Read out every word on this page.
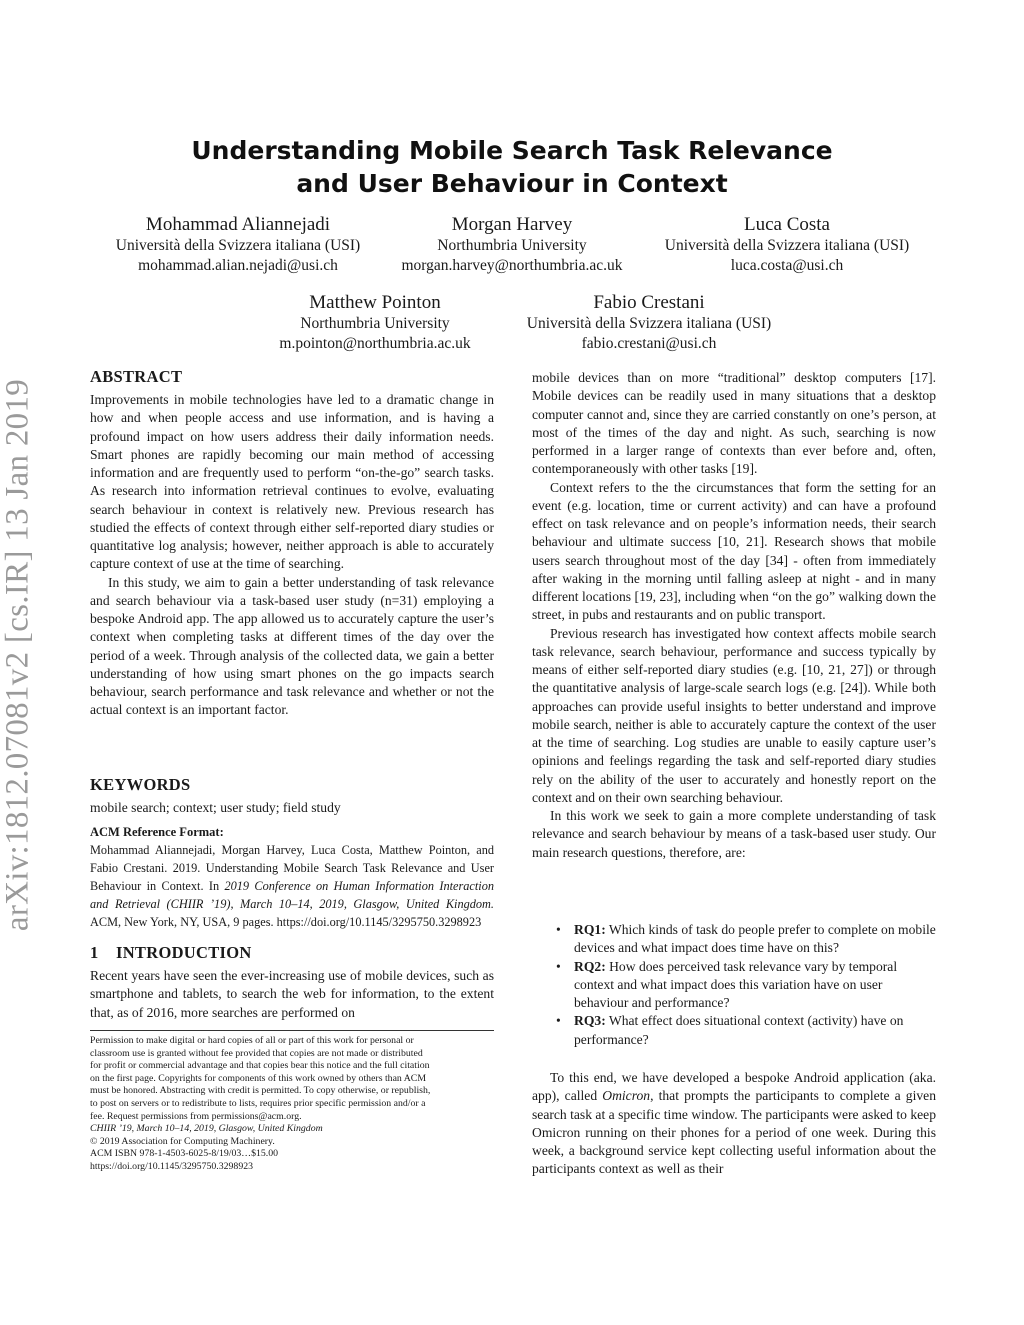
arXiv:1812.07081v2 [cs.IR] 13 Jan 2019
Understanding Mobile Search Task Relevance
and User Behaviour in Context
Mohammad Aliannejadi
Università della Svizzera italiana (USI)
mohammad.alian.nejadi@usi.ch
Morgan Harvey
Northumbria University
morgan.harvey@northumbria.ac.uk
Luca Costa
Università della Svizzera italiana (USI)
luca.costa@usi.ch
Matthew Pointon
Northumbria University
m.pointon@northumbria.ac.uk
Fabio Crestani
Università della Svizzera italiana (USI)
fabio.crestani@usi.ch
ABSTRACT

Improvements in mobile technologies have led to a dramatic change in how and when people access and use information, and is having a profound impact on how users address their daily information needs. Smart phones are rapidly becoming our main method of accessing information and are frequently used to perform “on-the-go” search tasks. As research into information retrieval continues to evolve, evaluating search behaviour in context is relatively new. Previous research has studied the effects of context through either self-reported diary studies or quantitative log analysis; however, neither approach is able to accurately capture context of use at the time of searching.

In this study, we aim to gain a better understanding of task relevance and search behaviour via a task-based user study (n=31) employing a bespoke Android app. The app allowed us to accurately capture the user’s context when completing tasks at different times of the day over the period of a week. Through analysis of the collected data, we gain a better understanding of how using smart phones on the go impacts search behaviour, search performance and task relevance and whether or not the actual context is an important factor.

KEYWORDS
mobile search; context; user study; field study
ACM Reference Format:
Mohammad Aliannejadi, Morgan Harvey, Luca Costa, Matthew Pointon, and Fabio Crestani. 2019. Understanding Mobile Search Task Relevance and User Behaviour in Context. In 2019 Conference on Human Information Interaction and Retrieval (CHIIR ’19), March 10–14, 2019, Glasgow, United Kingdom. ACM, New York, NY, USA, 9 pages. https://doi.org/10.1145/3295750.3298923
1 INTRODUCTION

Recent years have seen the ever-increasing use of mobile devices, such as smartphone and tablets, to search the web for information, to the extent that, as of 2016, more searches are performed on

Permission to make digital or hard copies of all or part of this work for personal or
classroom use is granted without fee provided that copies are not made or distributed
for profit or commercial advantage and that copies bear this notice and the full citation
on the first page. Copyrights for components of this work owned by others than ACM
must be honored. Abstracting with credit is permitted. To copy otherwise, or republish,
to post on servers or to redistribute to lists, requires prior specific permission and/or a
fee. Request permissions from permissions@acm.org.
CHIIR ’19, March 10–14, 2019, Glasgow, United Kingdom
© 2019 Association for Computing Machinery.
ACM ISBN 978-1-4503-6025-8/19/03…$15.00
https://doi.org/10.1145/3295750.3298923

mobile devices than on more “traditional” desktop computers [17]. Mobile devices can be readily used in many situations that a desktop computer cannot and, since they are carried constantly on one’s person, at most of the times of the day and night. As such, searching is now performed in a larger range of contexts than ever before and, often, contemporaneously with other tasks [19].

Context refers to the the circumstances that form the setting for an event (e.g. location, time or current activity) and can have a profound effect on task relevance and on people’s information needs, their search behaviour and ultimate success [10, 21]. Research shows that mobile users search throughout most of the day [34] - often from immediately after waking in the morning until falling asleep at night - and in many different locations [19, 23], including when “on the go” walking down the street, in pubs and restaurants and on public transport.

Previous research has investigated how context affects mobile search task relevance, search behaviour, performance and success typically by means of either self-reported diary studies (e.g. [10, 21, 27]) or through the quantitative analysis of large-scale search logs (e.g. [24]). While both approaches can provide useful insights to better understand and improve mobile search, neither is able to accurately capture the context of the user at the time of searching. Log studies are unable to easily capture user’s opinions and feelings regarding the task and self-reported diary studies rely on the ability of the user to accurately and honestly report on the context and on their own searching behaviour.

In this work we seek to gain a more complete understanding of task relevance and search behaviour by means of a task-based user study. Our main research questions, therefore, are:

• RQ1: Which kinds of task do people prefer to complete on mobile devices and what impact does time have on this?
• RQ2: How does perceived task relevance vary by temporal context and what impact does this variation have on user behaviour and performance?
• RQ3: What effect does situational context (activity) have on performance?

To this end, we have developed a bespoke Android application (aka. app), called Omicron, that prompts the participants to complete a given search task at a specific time window. The participants were asked to keep Omicron running on their phones for a period of one week. During this week, a background service kept collecting useful information about the participants context as well as their
